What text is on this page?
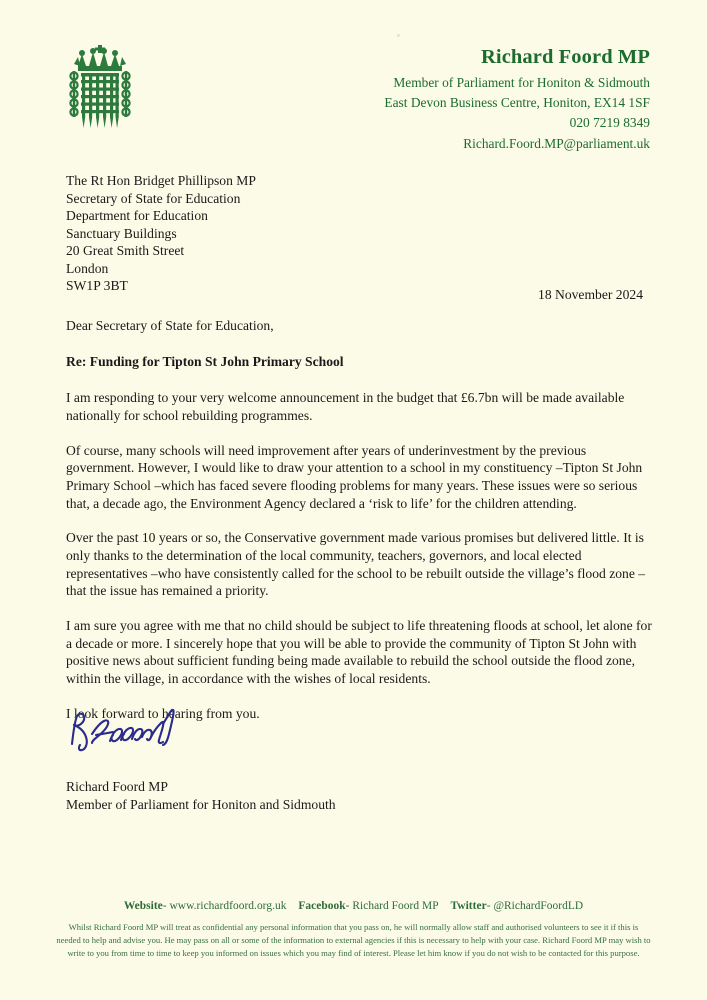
Richard Foord MP
Member of Parliament for Honiton & Sidmouth
East Devon Business Centre, Honiton, EX14 1SF
020 7219 8349
Richard.Foord.MP@parliament.uk
The Rt Hon Bridget Phillipson MP
Secretary of State for Education
Department for Education
Sanctuary Buildings
20 Great Smith Street
London
SW1P 3BT
18 November 2024

Dear Secretary of State for Education,

Re: Funding for Tipton St John Primary School

I am responding to your very welcome announcement in the budget that £6.7bn will be made available nationally for school rebuilding programmes.

Of course, many schools will need improvement after years of underinvestment by the previous government. However, I would like to draw your attention to a school in my constituency –Tipton St John Primary School –which has faced severe flooding problems for many years. These issues were so serious that, a decade ago, the Environment Agency declared a ‘risk to life’ for the children attending.

Over the past 10 years or so, the Conservative government made various promises but delivered little. It is only thanks to the determination of the local community, teachers, governors, and local elected representatives –who have consistently called for the school to be rebuilt outside the village’s flood zone –that the issue has remained a priority.

I am sure you agree with me that no child should be subject to life threatening floods at school, let alone for a decade or more. I sincerely hope that you will be able to provide the community of Tipton St John with positive news about sufficient funding being made available to rebuild the school outside the flood zone, within the village, in accordance with the wishes of local residents.

I look forward to hearing from you.

Richard Foord MP
Member of Parliament for Honiton and Sidmouth
Website- www.richardfoord.org.uk Facebook- Richard Foord MP Twitter- @RichardFoordLD
Whilst Richard Foord MP will treat as confidential any personal information that you pass on, he will normally allow staff and authorised volunteers to see it if this is needed to help and advise you. He may pass on all or some of the information to external agencies if this is necessary to help with your case. Richard Foord MP may wish to write to you from time to time to keep you informed on issues which you may find of interest. Please let him know if you do not wish to be contacted for this purpose.
